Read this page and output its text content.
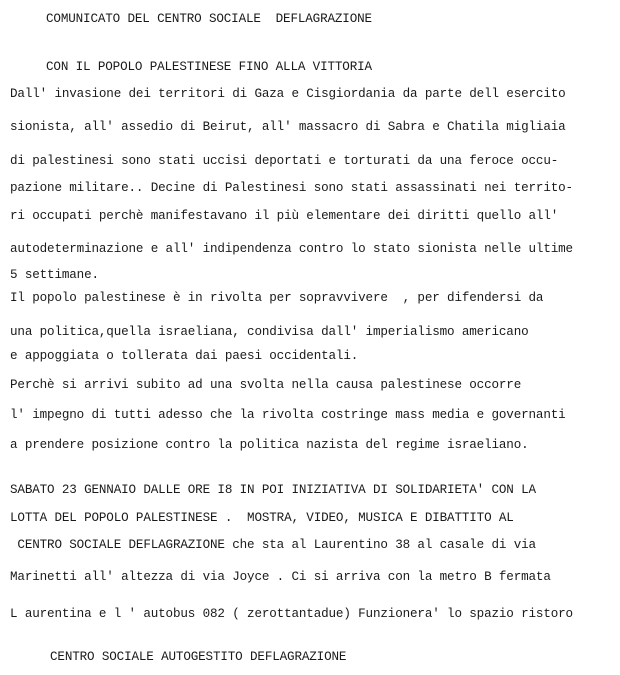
COMUNICATO DEL CENTRO SOCIALE  DEFLAGRAZIONE
CON IL POPOLO PALESTINESE FINO ALLA VITTORIA
Dall' invasione dei territori di Gaza e Cisgiordania da parte dell esercito
sionista, all' assedio di Beirut, all' massacro di Sabra e Chatila migliaia
di palestinesi sono stati uccisi deportati e torturati da una feroce occu-
pazione militare.. Decine di Palestinesi sono stati assassinati nei territo-
ri occupati perchè manifestavano il più elementare dei diritti quello all'
autodeterminazione e all' indipendenza contro lo stato sionista nelle ultime
5 settimane.
Il popolo palestinese è in rivolta per sopravvivere  , per difendersi da
una politica,quella israeliana, condivisa dall' imperialismo americano
e appoggiata o tollerata dai paesi occidentali.
Perchè si arrivi subito ad una svolta nella causa palestinese occorre
l' impegno di tutti adesso che la rivolta costringe mass media e governanti
a prendere posizione contro la politica nazista del regime israeliano.
SABATO 23 GENNAIO DALLE ORE I8 IN POI INIZIATIVA DI SOLIDARIETA' CON LA
LOTTA DEL POPOLO PALESTINESE .  MOSTRA, VIDEO, MUSICA E DIBATTITO AL
CENTRO SOCIALE DEFLAGRAZIONE che sta al Laurentino 38 al casale di via
Marinetti all' altezza di via Joyce . Ci si arriva con la metro B fermata
L aurentina e l ' autobus 082 ( zerottantadue) Funzionera' lo spazio ristoro
CENTRO SOCIALE AUTOGESTITO DEFLAGRAZIONE
